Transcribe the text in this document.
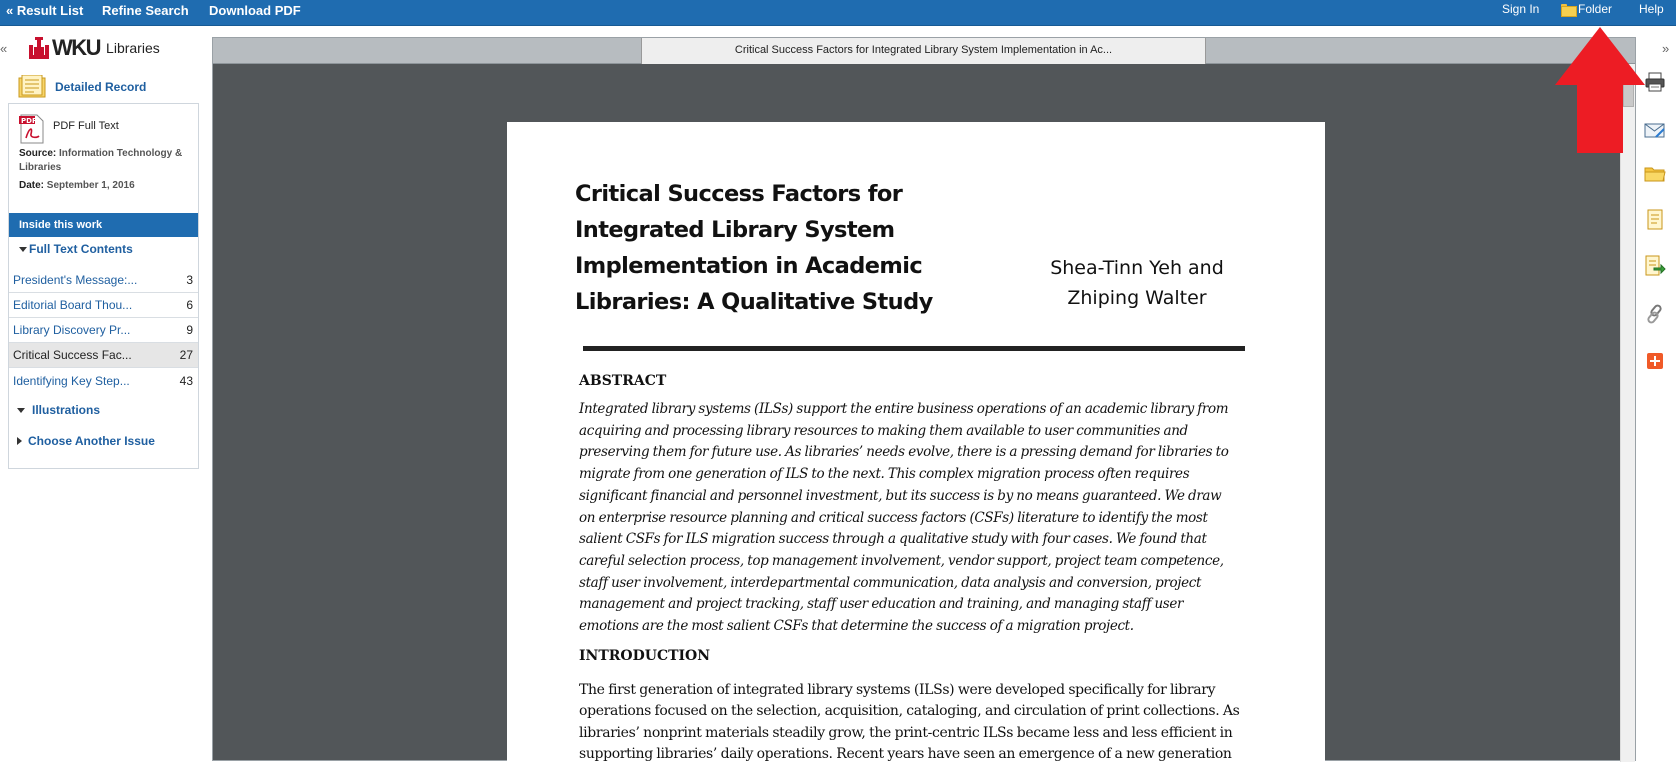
« Result List Refine Search Download PDF	Sign In	Folder Help
« WKU Libraries
Detailed Record
PDF PDF Full Text
Source: Information Technology & Libraries
Date: September 1, 2016
Inside this work
Full Text Contents
President's Message:...	3
Editorial Board Thou...	6
Library Discovery Pr...	9
Critical Success Fac...	27
Identifying Key Step...	43
Illustrations
Choose Another Issue
Critical Success Factors for Integrated Library System Implementation in Ac...
Critical Success Factors for
Integrated Library System
Implementation in Academic
Libraries: A Qualitative Study
Shea-Tinn Yeh and
Zhiping Walter
ABSTRACT
Integrated library systems (ILSs) support the entire business operations of an academic library from
acquiring and processing library resources to making them available to user communities and
preserving them for future use. As libraries’ needs evolve, there is a pressing demand for libraries to
migrate from one generation of ILS to the next. This complex migration process often requires
significant financial and personnel investment, but its success is by no means guaranteed. We draw
on enterprise resource planning and critical success factors (CSFs) literature to identify the most
salient CSFs for ILS migration success through a qualitative study with four cases. We found that
careful selection process, top management involvement, vendor support, project team competence,
staff user involvement, interdepartmental communication, data analysis and conversion, project
management and project tracking, staff user education and training, and managing staff user
emotions are the most salient CSFs that determine the success of a migration project.
INTRODUCTION
The first generation of integrated library systems (ILSs) were developed specifically for library
operations focused on the selection, acquisition, cataloging, and circulation of print collections. As
libraries’ nonprint materials steadily grow, the print-centric ILSs became less and less efficient in
supporting libraries’ daily operations. Recent years have seen an emergence of a new generation
»
